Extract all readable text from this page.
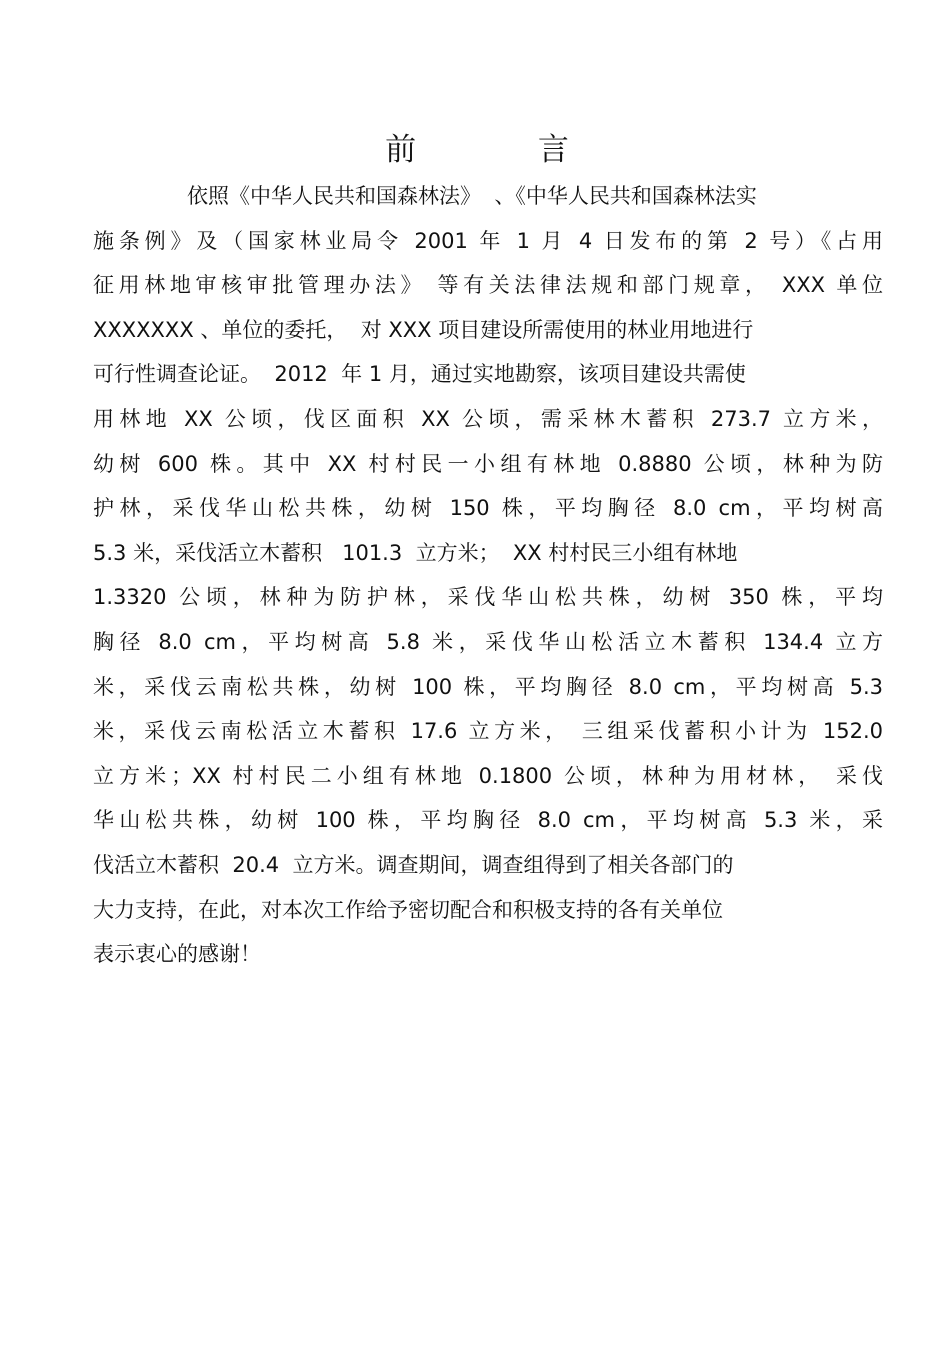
前 言
依照《中华人民共和国森林法》  、《中华人民共和国森林法实
施条例》及（国家林业局令 2001 年 1 月 4 日发布的第 2 号）《占用
征用林地审核审批管理办法》 等有关法律法规和部门规章， XXX 单位
XXXXXXX 、单位的委托，  对 XXX 项目建设所需使用的林业用地进行
可行性调查论证。  2012  年 1 月，通过实地勘察，该项目建设共需使
用林地 XX 公顷，伐区面积 XX 公顷，需采林木蓄积 273.7 立方米，
幼树 600 株。其中 XX 村村民一小组有林地 0.8880 公顷，林种为防
护林，采伐华山松共株，幼树 150 株，平均胸径 8.0 cm，平均树高
5.3 米，采伐活立木蓄积   101.3  立方米；  XX 村村民三小组有林地
1.3320 公顷，林种为防护林，采伐华山松共株，幼树 350 株，平均
胸径 8.0 cm，平均树高 5.8 米，采伐华山松活立木蓄积 134.4 立方
米，采伐云南松共株，幼树 100 株，平均胸径 8.0 cm，平均树高 5.3
米，采伐云南松活立木蓄积 17.6 立方米， 三组采伐蓄积小计为 152.0
立方米；XX 村村民二小组有林地 0.1800 公顷，林种为用材林， 采伐
华山松共株，幼树 100 株，平均胸径 8.0 cm，平均树高 5.3 米，采
伐活立木蓄积  20.4  立方米。调查期间，调查组得到了相关各部门的
大力支持，在此，对本次工作给予密切配合和积极支持的各有关单位
表示衷心的感谢！
